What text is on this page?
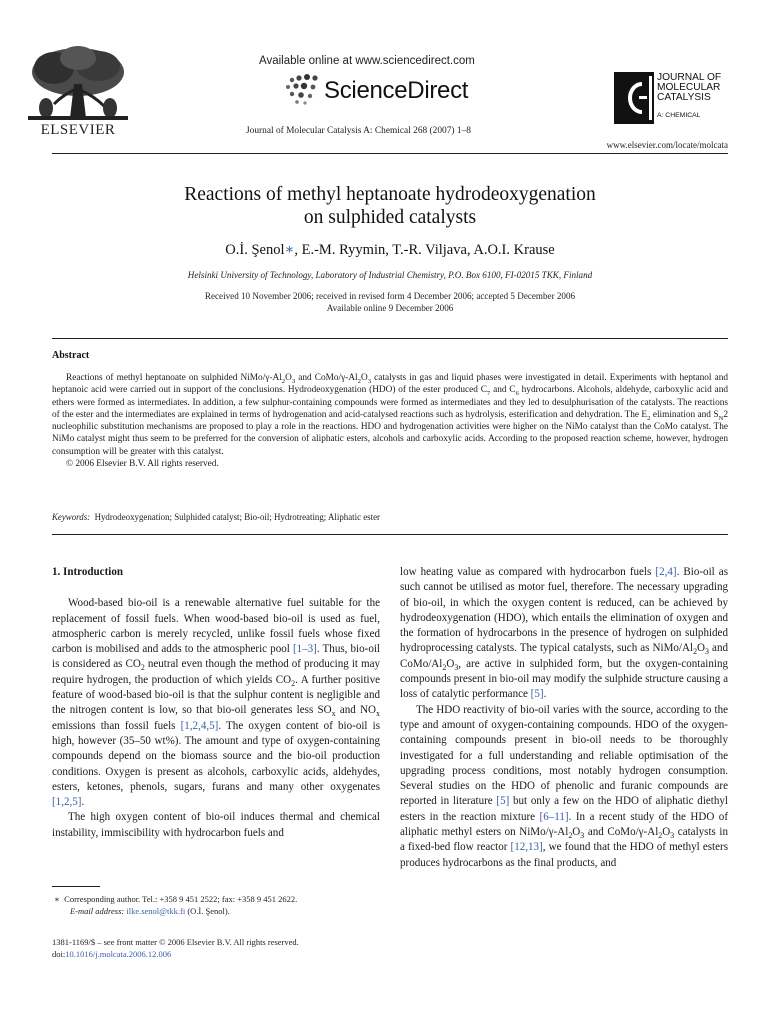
ELSEVIER
Available online at www.sciencedirect.com
ScienceDirect
Journal of Molecular Catalysis A: Chemical 268 (2007) 1–8
JOURNAL OF
MOLECULAR
CATALYSIS
A: CHEMICAL
www.elsevier.com/locate/molcata
Reactions of methyl heptanoate hydrodeoxygenation
on sulphided catalysts
O.İ. Şenol∗, E.-M. Ryymin, T.-R. Viljava, A.O.I. Krause
Helsinki University of Technology, Laboratory of Industrial Chemistry, P.O. Box 6100, FI-02015 TKK, Finland
Received 10 November 2006; received in revised form 4 December 2006; accepted 5 December 2006
Available online 9 December 2006
Abstract

Reactions of methyl heptanoate on sulphided NiMo/$\gamma-Al_2O_3$ and CoMo/$\gamma-Al_2O_3$ catalysts in gas and liquid phases were investigated in detail. Experiments with heptanol and heptanoic acid were carried out in support of the conclusions. Hydrodeoxygenation (HDO) of the ester produced $C_7$ and $C_6$ hydrocarbons. Alcohols, aldehyde, carboxylic acid and ethers were formed as intermediates. In addition, a few sulphur-containing compounds were formed as intermediates and they led to desulphurisation of the catalysts. The reactions of the ester and the intermediates are explained in terms of hydrogenation and acid-catalysed reactions such as hydrolysis, esterification and dehydration. The $E_2$ elimination and $S_N2$ nucleophilic substitution mechanisms are proposed to play a role in the reactions. HDO and hydrogenation activities were higher on the NiMo catalyst than the CoMo catalyst. The NiMo catalyst might thus seem to be preferred for the conversion of aliphatic esters, alcohols and carboxylic acids. According to the proposed reaction scheme, however, hydrogen consumption will be greater with this catalyst.

© 2006 Elsevier B.V. All rights reserved.

Keywords: Hydrodeoxygenation; Sulphided catalyst; Bio-oil; Hydrotreating; Aliphatic ester

1. Introduction

Wood-based bio-oil is a renewable alternative fuel suitable for the replacement of fossil fuels. When wood-based bio-oil is used as fuel, atmospheric carbon is merely recycled, unlike fossil fuels whose fixed carbon is mobilised and adds to the atmospheric pool [1–3]. Thus, bio-oil is considered as $CO_2$ neutral even though the method of producing it may require hydrogen, the production of which yields $CO_2$. A further positive feature of wood-based bio-oil is that the sulphur content is negligible and the nitrogen content is low, so that bio-oil generates less $SO_x$ and $NO_x$ emissions than fossil fuels [1,2,4,5]. The oxygen content of bio-oil is high, however (35–50 wt%). The amount and type of oxygen-containing compounds depend on the biomass source and the bio-oil production conditions. Oxygen is present as alcohols, carboxylic acids, aldehydes, esters, ketones, phenols, sugars, furans and many other oxygenates [1,2,5].

The high oxygen content of bio-oil induces thermal and chemical instability, immiscibility with hydrocarbon fuels and

low heating value as compared with hydrocarbon fuels [2,4]. Bio-oil as such cannot be utilised as motor fuel, therefore. The necessary upgrading of bio-oil, in which the oxygen content is reduced, can be achieved by hydrodeoxygenation (HDO), which entails the elimination of oxygen and the formation of hydrocarbons in the presence of hydrogen on sulphided hydroprocessing catalysts. The typical catalysts, such as NiMo/$Al_2O_3$ and CoMo/$Al_2O_3$, are active in sulphided form, but the oxygen-containing compounds present in bio-oil may modify the sulphide structure causing a loss of catalytic performance [5].

The HDO reactivity of bio-oil varies with the source, according to the type and amount of oxygen-containing compounds. HDO of the oxygen-containing compounds present in bio-oil needs to be thoroughly investigated for a full understanding and reliable optimisation of the upgrading process conditions, most notably hydrogen consumption. Several studies on the HDO of phenolic and furanic compounds are reported in literature [5] but only a few on the HDO of aliphatic diethyl esters in the reaction mixture [6–11]. In a recent study of the HDO of aliphatic methyl esters on NiMo/$\gamma-Al_2O_3$ and CoMo/$\gamma-Al_2O_3$ catalysts in a fixed-bed flow reactor [12,13], we found that the HDO of methyl esters produces hydrocarbons as the final products, and

∗ Corresponding author. Tel.: +358 9 451 2522; fax: +358 9 451 2622.
E-mail address: ilke.senol@tkk.fi (O.İ. Şenol).
1381-1169/$ – see front matter © 2006 Elsevier B.V. All rights reserved.
doi:10.1016/j.molcata.2006.12.006
